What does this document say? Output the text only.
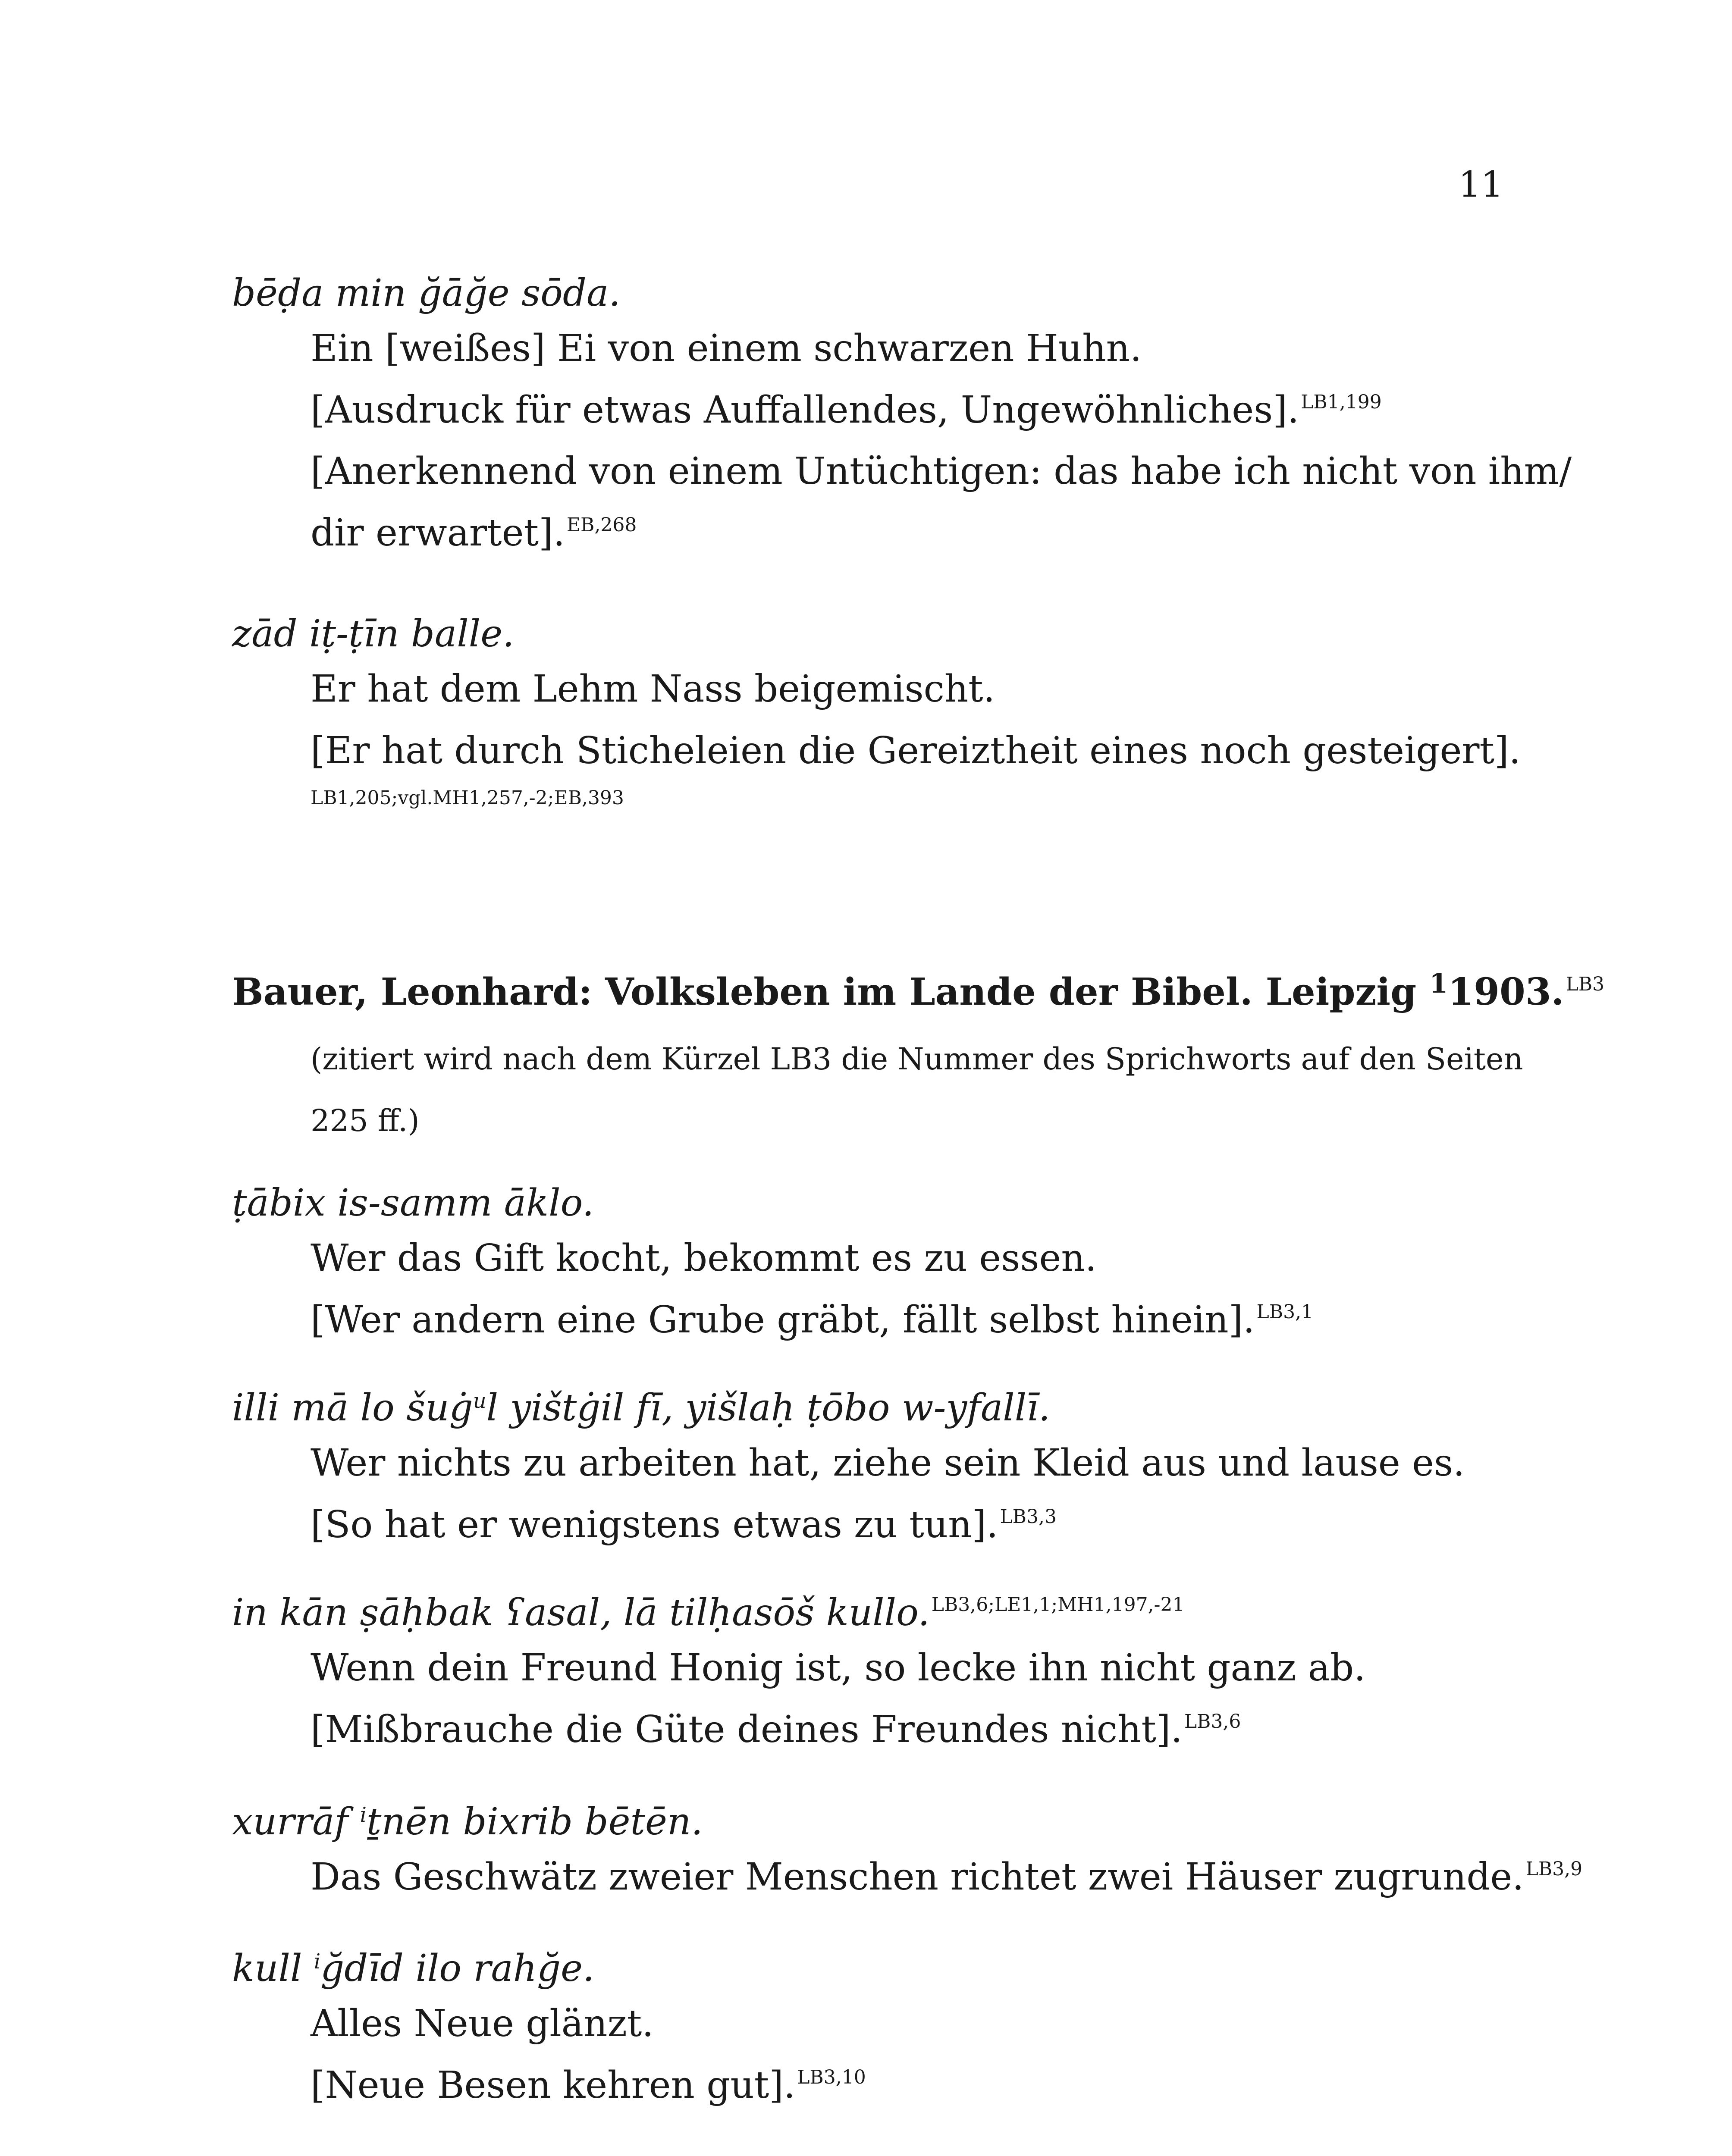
11
bēḍa min ğāğe sōda.
Ein [weißes] Ei von einem schwarzen Huhn.
[Ausdruck für etwas Auffallendes, Ungewöhnliches].$^{LB1,199}$
[Anerkennend von einem Untüchtigen: das habe ich nicht von ihm/
dir erwartet].$^{EB,268}$
zād iṭ-ṭīn balle.
Er hat dem Lehm Nass beigemischt.
[Er hat durch Sticheleien die Gereiztheit eines noch gesteigert].
LB1,205;vgl.MH1,257,-2;EB,393
Bauer, Leonhard: Volksleben im Lande der Bibel. Leipzig $^1$1903.$^{LB3}$
(zitiert wird nach dem Kürzel LB3 die Nummer des Sprichworts auf den Seiten 225 ff.)
ṭābix is-samm āklo.
Wer das Gift kocht, bekommt es zu essen.
[Wer andern eine Grube gräbt, fällt selbst hinein].$^{LB3,1}$
illi mā lo šuġ$^u$l yištġil fī, yišlaḥ ṭōbo w-yfallī.
Wer nichts zu arbeiten hat, ziehe sein Kleid aus und lause es.
[So hat er wenigstens etwas zu tun].$^{LB3,3}$
in kān ṣāḥbak ʕasal, lā tilḥasōš kullo.$^{LB3,6;LE1,1;MH1,197,-21}$
Wenn dein Freund Honig ist, so lecke ihn nicht ganz ab.
[Mißbrauche die Güte deines Freundes nicht].$^{LB3,6}$
xurrāf $^i$ṯnēn bixrib bētēn.
Das Geschwätz zweier Menschen richtet zwei Häuser zugrunde.$^{LB3,9}$
kull $^i$ğdīd ilo rahğe.
Alles Neue glänzt.
[Neue Besen kehren gut].$^{LB3,10}$
